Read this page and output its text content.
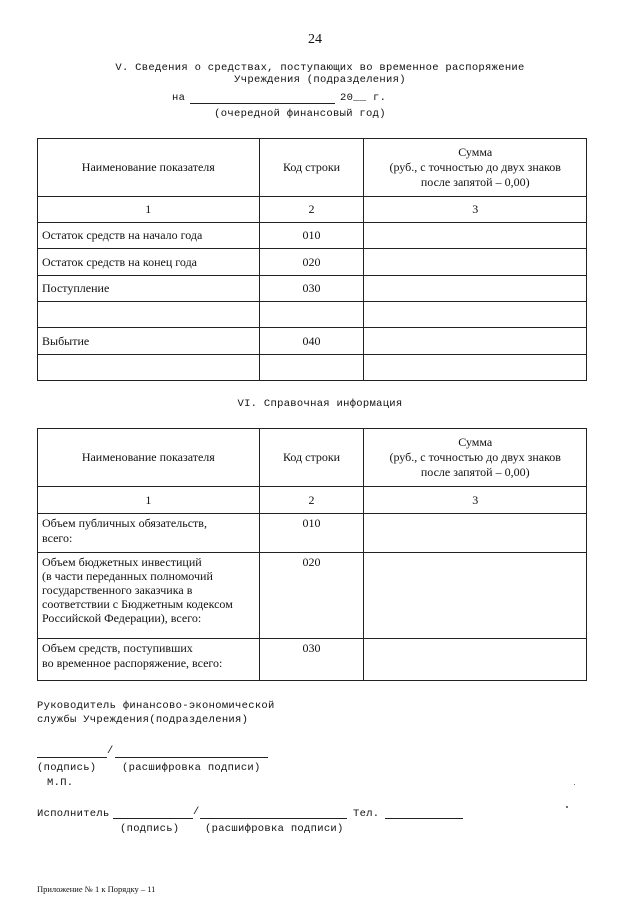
24
V. Сведения о средствах, поступающих во временное распоряжение
Учреждения (подразделения)
на	20__ г.
(очередной финансовый год)
Наименование показателя	Код строки	Сумма
(руб., с точностью до двух знаков
после запятой – 0,00)
1	2	3
Остаток средств на начало года	010	
Остаток средств на конец года	020	
Поступление	030	

Выбытие	040	

VI. Справочная информация
Наименование показателя	Код строки	Сумма
(руб., с точностью до двух знаков
после запятой – 0,00)
1	2	3
Объем публичных обязательств,
всего:	010	
Объем бюджетных инвестиций
(в части переданных полномочий
государственного заказчика в
соответствии с Бюджетным кодексом
Российской Федерации), всего:	020	
Объем средств, поступивших
во временное распоряжение, всего:	030	
Руководитель финансово-экономической
службы Учреждения(подразделения)
/
(подпись) (расшифровка подписи)
М.П.
Исполнитель	/	Тел.
(подпись) (расшифровка подписи)
Приложение № 1 к Порядку – 11
